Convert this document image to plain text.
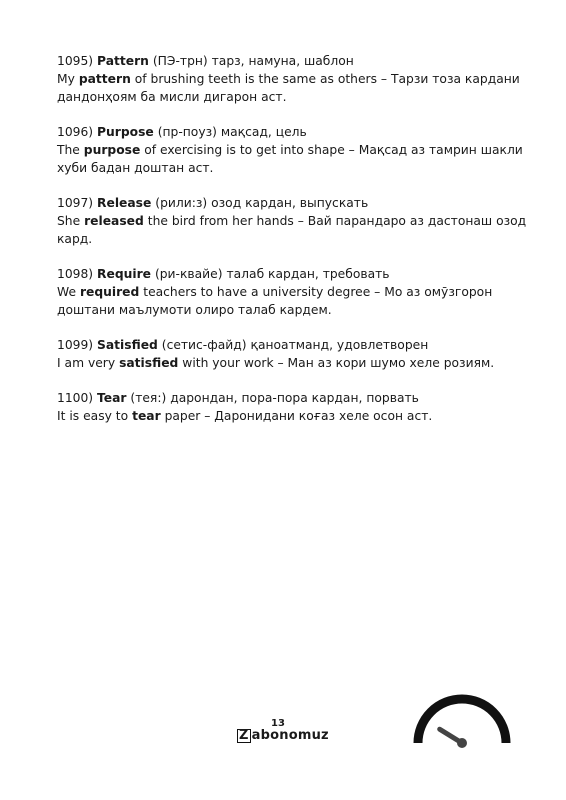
1095) Pattern (ПЭ-трн) тарз, намуна, шаблон

My pattern of brushing teeth is the same as others – Тарзи тоза кардани дандонҳоям ба мисли дигарон аст.

1096) Purpose (пр-поуз) мақсад, цель

The purpose of exercising is to get into shape – Мақсад аз тамрин шакли хуби бадан доштан аст.

1097) Release (рили:з) озод кардан, выпускать

She released the bird from her hands – Вай парандаро аз дастонаш озод кард.

1098) Require (ри-квайе) талаб кардан, требовать

We required teachers to have a university degree – Мо аз омӯзгорон доштани маълумоти олиро талаб кардем.

1099) Satisfied (сетис-файд) қаноатманд, удовлетворен

I am very satisfied with your work – Ман аз кори шумо хеле розиям.

1100) Tear (тея:) дарондан, пора-пора кардан, порвать

It is easy to tear paper – Даронидани коғаз хеле осон аст.

13
Z abonomuz
